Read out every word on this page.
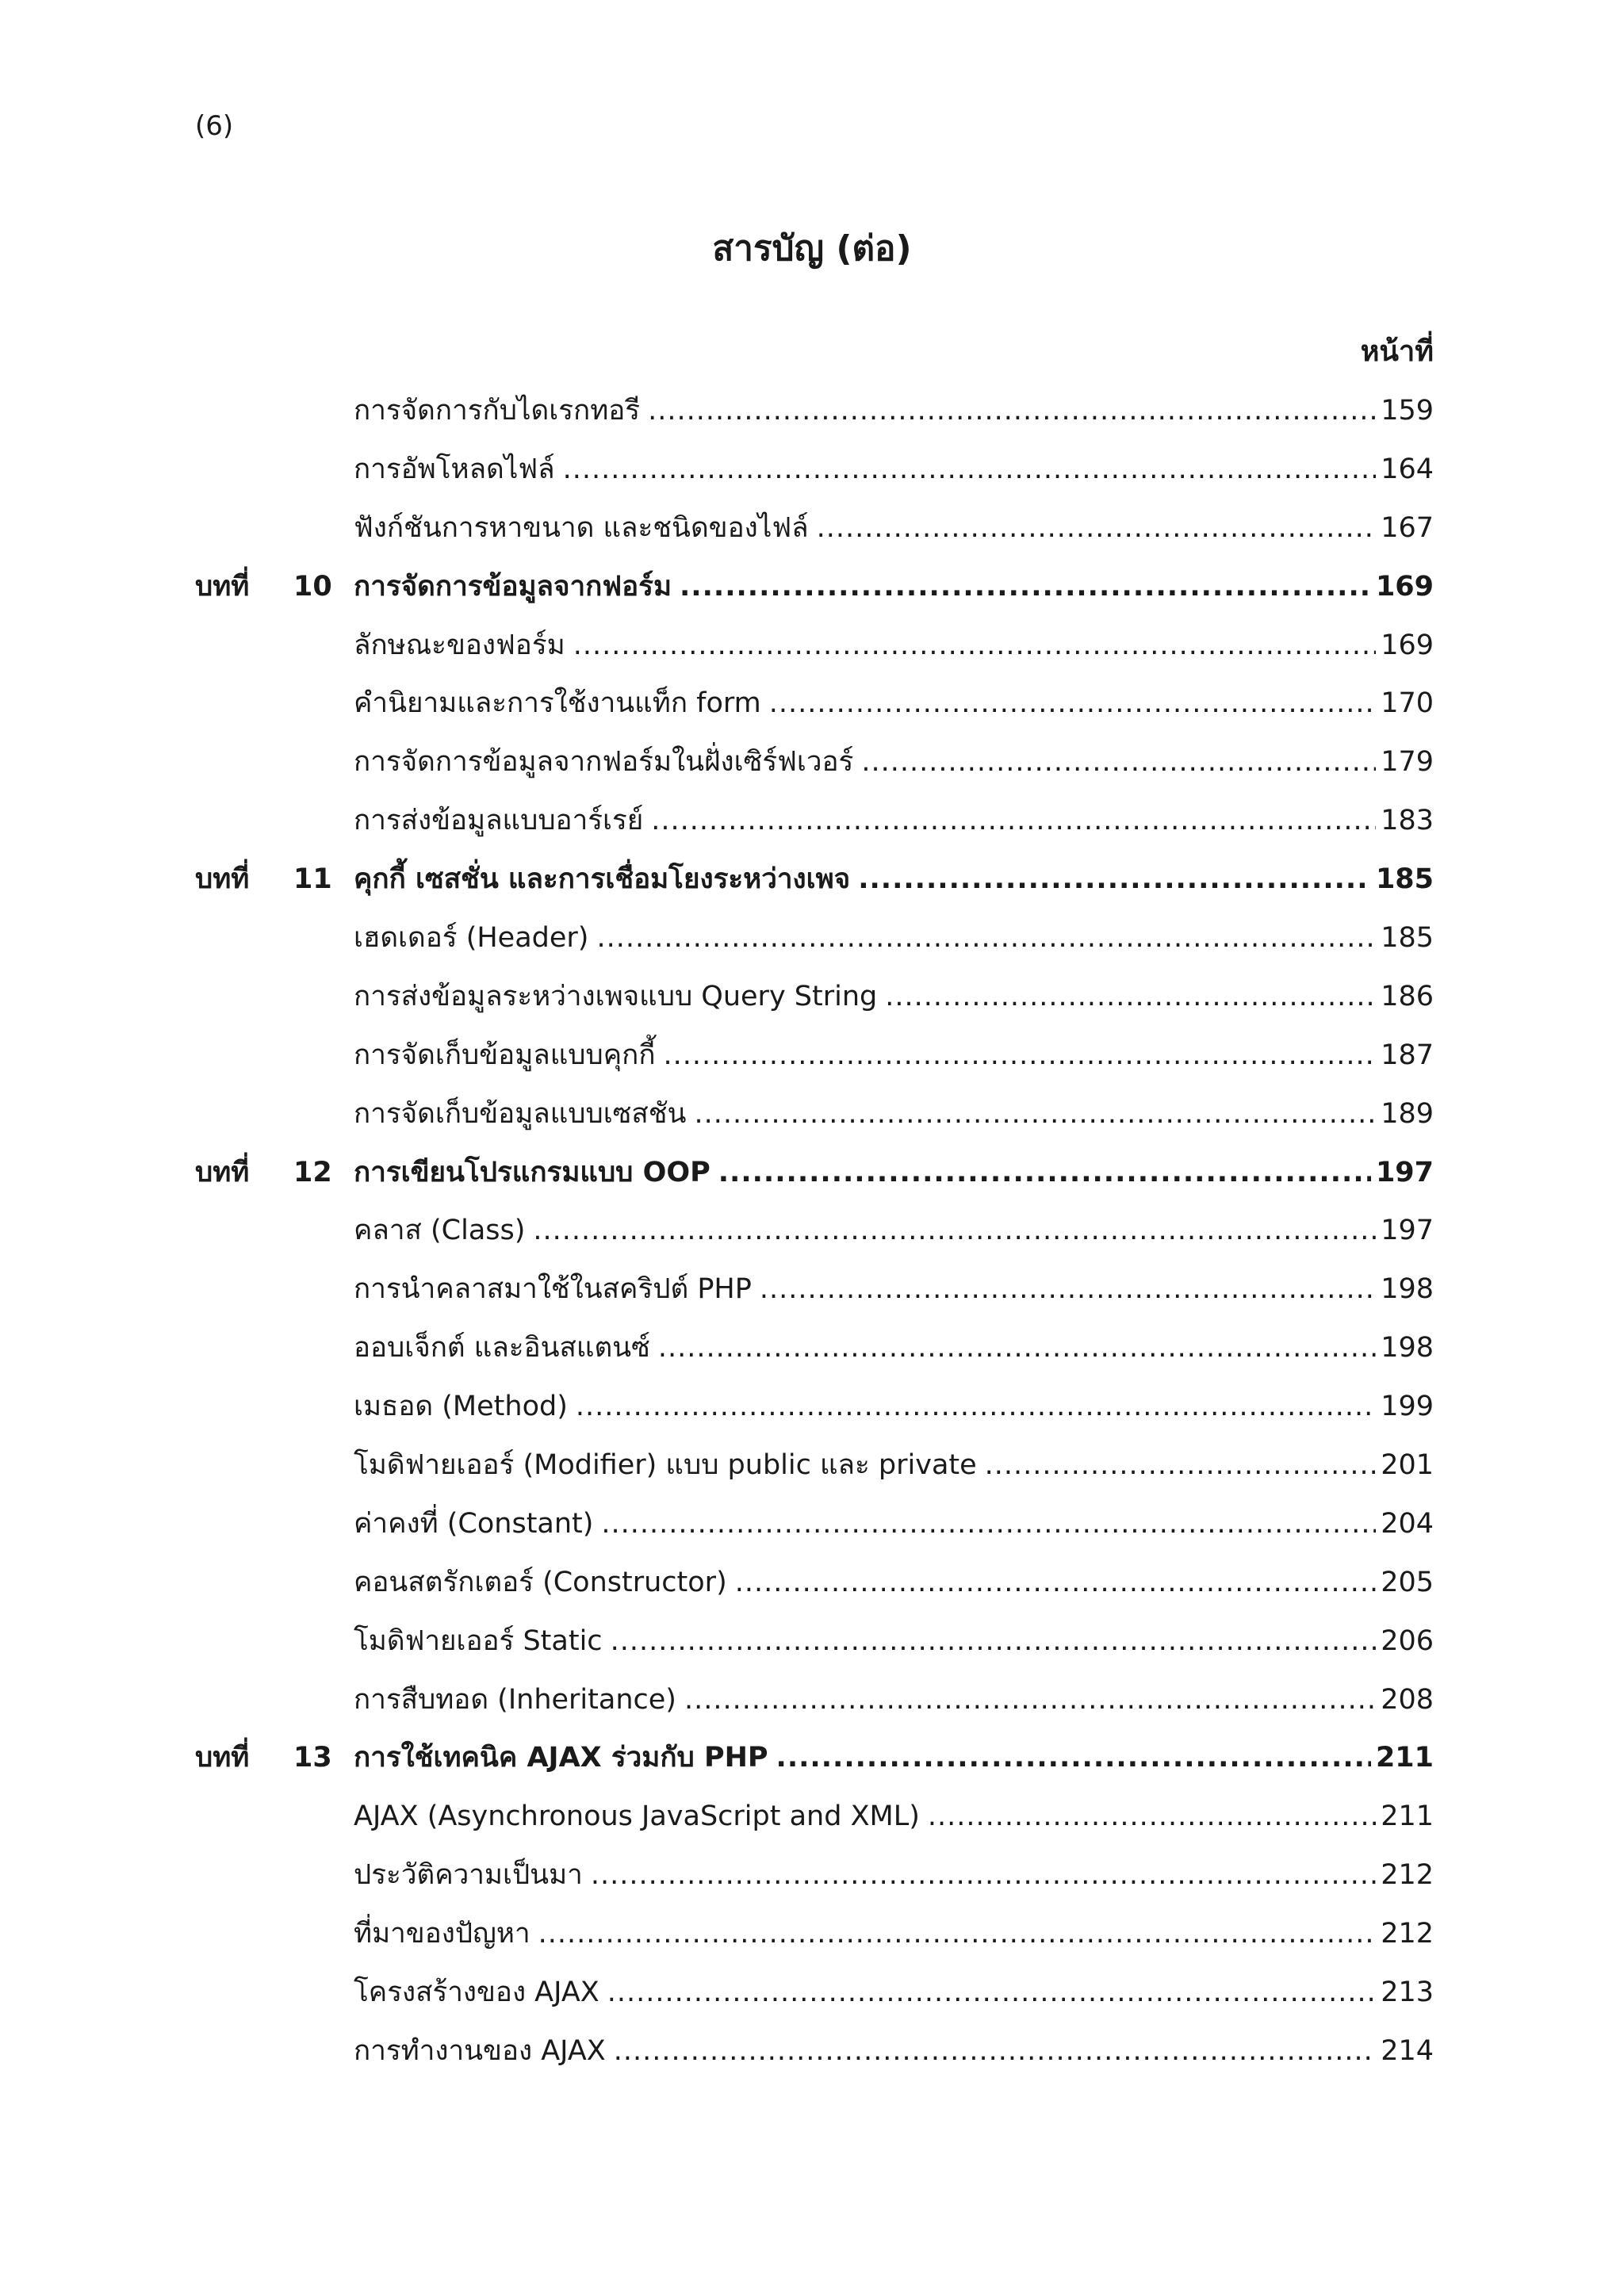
(6)
สารบัญ (ต่อ)
หน้าที่
การจัดการกับไดเรกทอรี .....	159
การอัพโหลดไฟล์ .....	164
ฟังก์ชันการหาขนาด และชนิดของไฟล์ .....	167
บทที่	10 การจัดการข้อมูลจากฟอร์ม .....	169
ลักษณะของฟอร์ม .....	169
คำนิยามและการใช้งานแท็ก form .....	170
การจัดการข้อมูลจากฟอร์มในฝั่งเซิร์ฟเวอร์ .....	179
การส่งข้อมูลแบบอาร์เรย์ .....	183
บทที่	11 คุกกี้ เซสชั่น และการเชื่อมโยงระหว่างเพจ .....	185
เฮดเดอร์ (Header) .....	185
การส่งข้อมูลระหว่างเพจแบบ Query String .....	186
การจัดเก็บข้อมูลแบบคุกกี้ .....	187
การจัดเก็บข้อมูลแบบเซสชัน .....	189
บทที่	12 การเขียนโปรแกรมแบบ OOP .....	197
คลาส (Class) .....	197
การนำคลาสมาใช้ในสคริปต์ PHP .....	198
ออบเจ็กต์ และอินสแตนซ์ .....	198
เมธอด (Method) .....	199
โมดิฟายเออร์ (Modifier) แบบ public และ private .....	201
ค่าคงที่ (Constant) .....	204
คอนสตรักเตอร์ (Constructor) .....	205
โมดิฟายเออร์ Static .....	206
การสืบทอด (Inheritance) .....	208
บทที่	13 การใช้เทคนิค AJAX ร่วมกับ PHP .....	211
AJAX (Asynchronous JavaScript and XML) .....	211
ประวัติความเป็นมา .....	212
ที่มาของปัญหา .....	212
โครงสร้างของ AJAX .....	213
การทำงานของ AJAX .....	214
